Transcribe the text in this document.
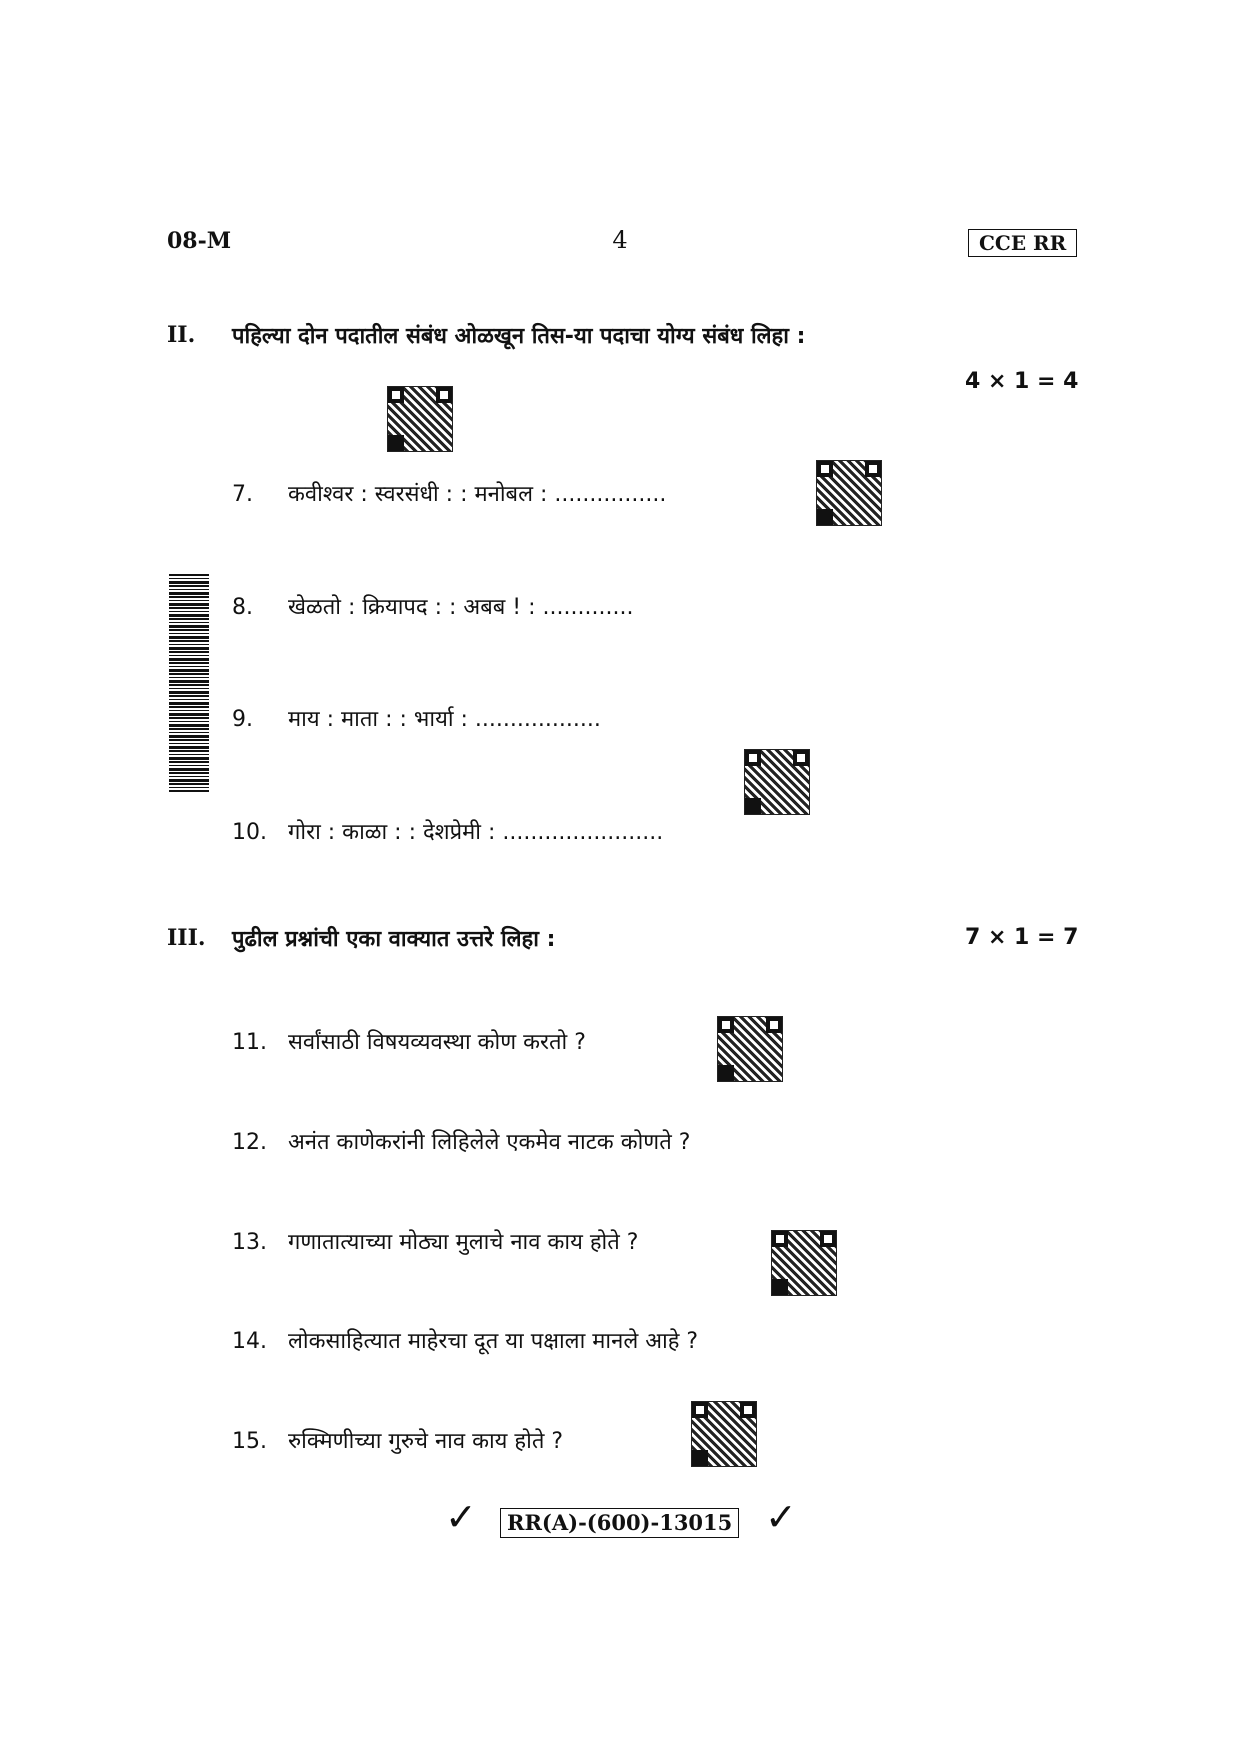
08-M	4	CCE RR
II. पहिल्या दोन पदातील संबंध ओळखून तिस-या पदाचा योग्य संबंध लिहा :
4 × 1 = 4
7. कवीश्वर : स्वरसंधी : : मनोबल : ................
8. खेळतो : क्रियापद : : अबब ! : .............
9. माय : माता : : भार्या : ..................
10. गोरा : काळा : : देशप्रेमी : .......................
III. पुढील प्रश्नांची एका वाक्यात उत्तरे लिहा :	7 × 1 = 7
11. सर्वांसाठी विषयव्यवस्था कोण करतो ?
12. अनंत काणेकरांनी लिहिलेले एकमेव नाटक कोणते ?
13. गणातात्याच्या मोठ्या मुलाचे नाव काय होते ?
14. लोकसाहित्यात माहेरचा दूत या पक्षाला मानले आहे ?
15. रुक्मिणीच्या गुरुचे नाव काय होते ?
✓	RR(A)-(600)-13015 ✓
